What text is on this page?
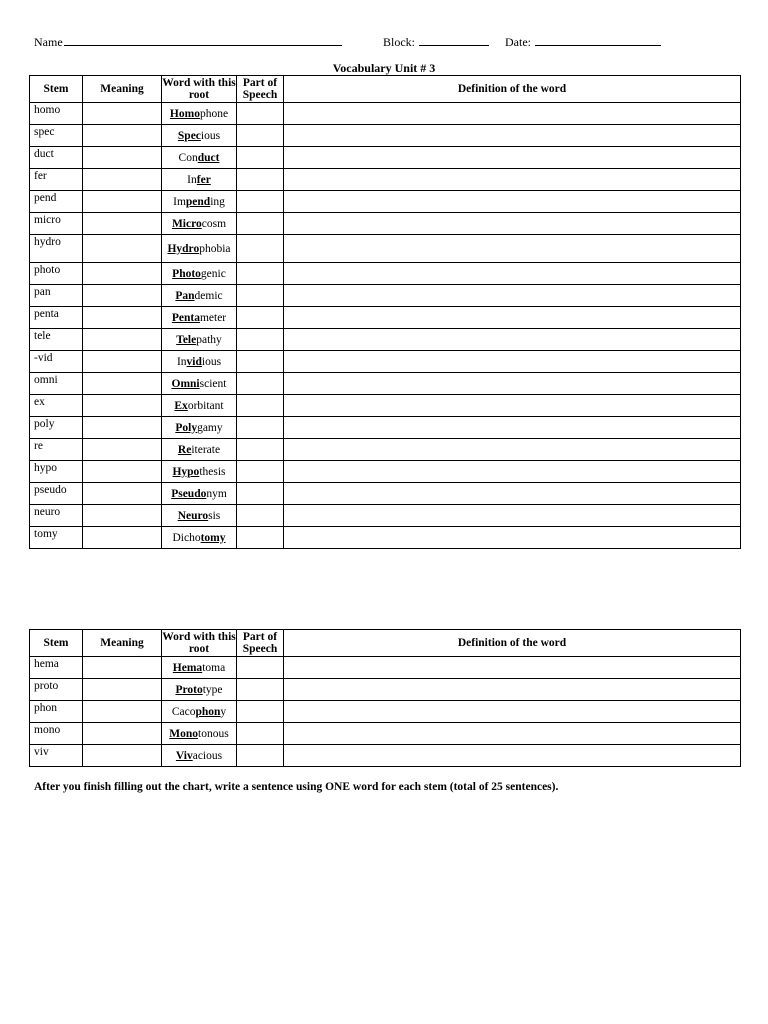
Name	Block:	Date:
Vocabulary Unit # 3
Stem	Meaning	Word with this root	Part of Speech	Definition of the word
homo		Homophone		
spec		Specious		
duct		Conduct		
fer		Infer		
pend		Impending		
micro		Microcosm		
hydro		Hydrophobia		
photo		Photogenic		
pan		Pandemic		
penta		Pentameter		
tele		Telepathy		
-vid		Invidious		
omni		Omniscient		
ex		Exorbitant		
poly		Polygamy		
re		Reiterate		
hypo		Hypothesis		
pseudo		Pseudonym		
neuro		Neurosis		
tomy		Dichotomy		
Stem	Meaning	Word with this root	Part of Speech	Definition of the word
hema		Hematoma		
proto		Prototype		
phon		Cacophony		
mono		Monotonous		
viv		Vivacious		
After you finish filling out the chart, write a sentence using ONE word for each stem (total of 25 sentences).
